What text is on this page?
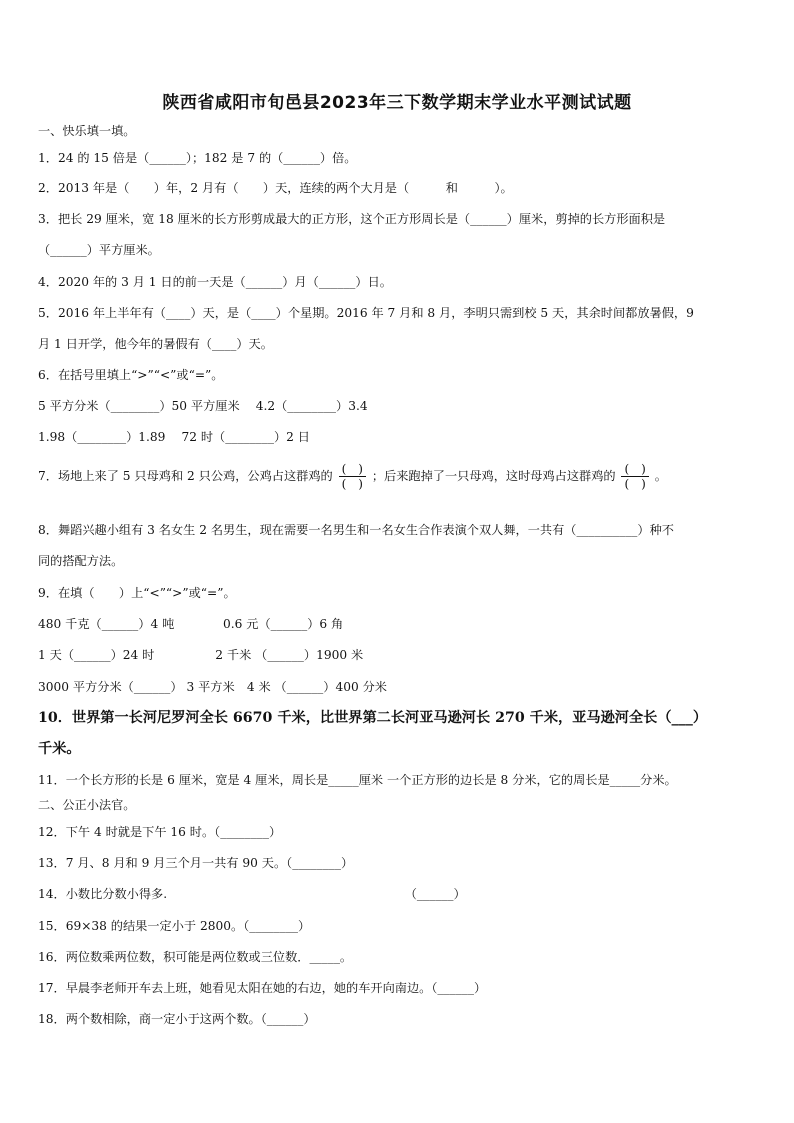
陕西省咸阳市旬邑县2023年三下数学期末学业水平测试试题
一、快乐填一填。
1．24 的 15 倍是（______）；182 是 7 的（______）倍。
2．2013 年是（　　）年，2 月有（　　）天，连续的两个大月是（　　　和　　　）。
3．把长 29 厘米，宽 18 厘米的长方形剪成最大的正方形，这个正方形周长是（______）厘米，剪掉的长方形面积是
（______）平方厘米。
4．2020 年的 3 月 1 日的前一天是（______）月（______）日。
5．2016 年上半年有（____）天，是（____）个星期。2016 年 7 月和 8 月，李明只需到校 5 天，其余时间都放暑假，9
月 1 日开学，他今年的暑假有（____）天。
6．在括号里填上“>”“<”或“=”。
5 平方分米（________）50 平方厘米　 4.2（________）3.4
1.98（________）1.89　 72 时（________）2 日
7．场地上来了 5 只母鸡和 2 只公鸡，公鸡占这群鸡的 $\frac{( )}{( )}$ ；后来跑掉了一只母鸡，这时母鸡占这群鸡的 $\frac{( )}{( )}$ 。
8．舞蹈兴趣小组有 3 名女生 2 名男生，现在需要一名男生和一名女生合作表演个双人舞，一共有（__________）种不
同的搭配方法。
9．在填（　　）上“<”“>”或“=”。
480 千克（______）4 吨　　　　0.6 元（______）6 角
1 天（______）24 时　　　　　2 千米 （______）1900 米
3000 平方分米（______） 3 平方米　4 米 （______）400 分米
10．世界第一长河尼罗河全长 6670 千米，比世界第二长河亚马逊河长 270 千米，亚马逊河全长（___）
千米。
11．一个长方形的长是 6 厘米，宽是 4 厘米，周长是_____厘米 一个正方形的边长是 8 分米，它的周长是_____分米。
二、公正小法官。
12．下午 4 时就是下午 16 时。（________）
13．7 月、8 月和 9 月三个月一共有 90 天。（________）
14．小数比分数小得多.　　　　　　　　　　　　　　　　　　　　（______）
15．69×38 的结果一定小于 2800。（________）
16．两位数乘两位数，积可能是两位数或三位数．_____。
17．早晨李老师开车去上班，她看见太阳在她的右边，她的车开向南边。（______）
18．两个数相除，商一定小于这两个数。（______）
